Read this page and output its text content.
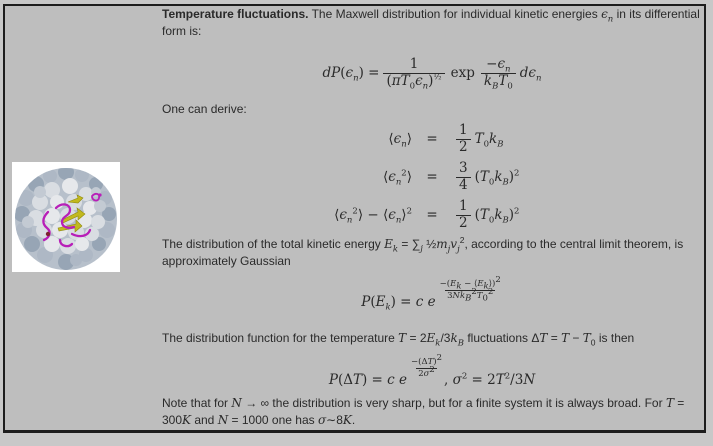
Temperature fluctuations. The Maxwell distribution for individual kinetic energies $\epsilon_n$ in its differential form is:
$dP(\epsilon_n) = \frac{1}{(\pi T_0\epsilon_n)^{\frac{1}{2}}}$ $\exp \frac{-\epsilon_n}{k_BT_0} d\epsilon_n$
One can derive:
$⟨\epsilon_n⟩$	=	$\frac{1}{2} T_0k_B$
$⟨\epsilon_n^2⟩$	=	$\frac{3}{4} (T_0k_B)^2$
$⟨\epsilon_n^2⟩$ − $⟨\epsilon_n⟩^2$	=	$\frac{1}{2} (T_0k_B)^2$
The distribution of the total kinetic energy $E_k = \sum_j$ $\frac{1}{2}m_jv_j^2$, according to the central limit theorem, is approximately Gaussian
$P(E_k) = c$ e
$\frac{-(E_k - ⟨E_k⟩)^2}{3Nk_B^2T_0^2}$
The distribution function for the temperature $T = 2E_k/3k_B$ fluctuations $\Delta T = T - T_0$ is then
P(ΔT) = c e
$\frac{-(\Delta T)^2}{2\sigma^2}$
, $\sigma^2 = 2T^2/3N$
Note that for N → ∞ the distribution is very sharp, but for a finite system it is always broad. For T = 300K and N = 1000 one has σ∼8K.
